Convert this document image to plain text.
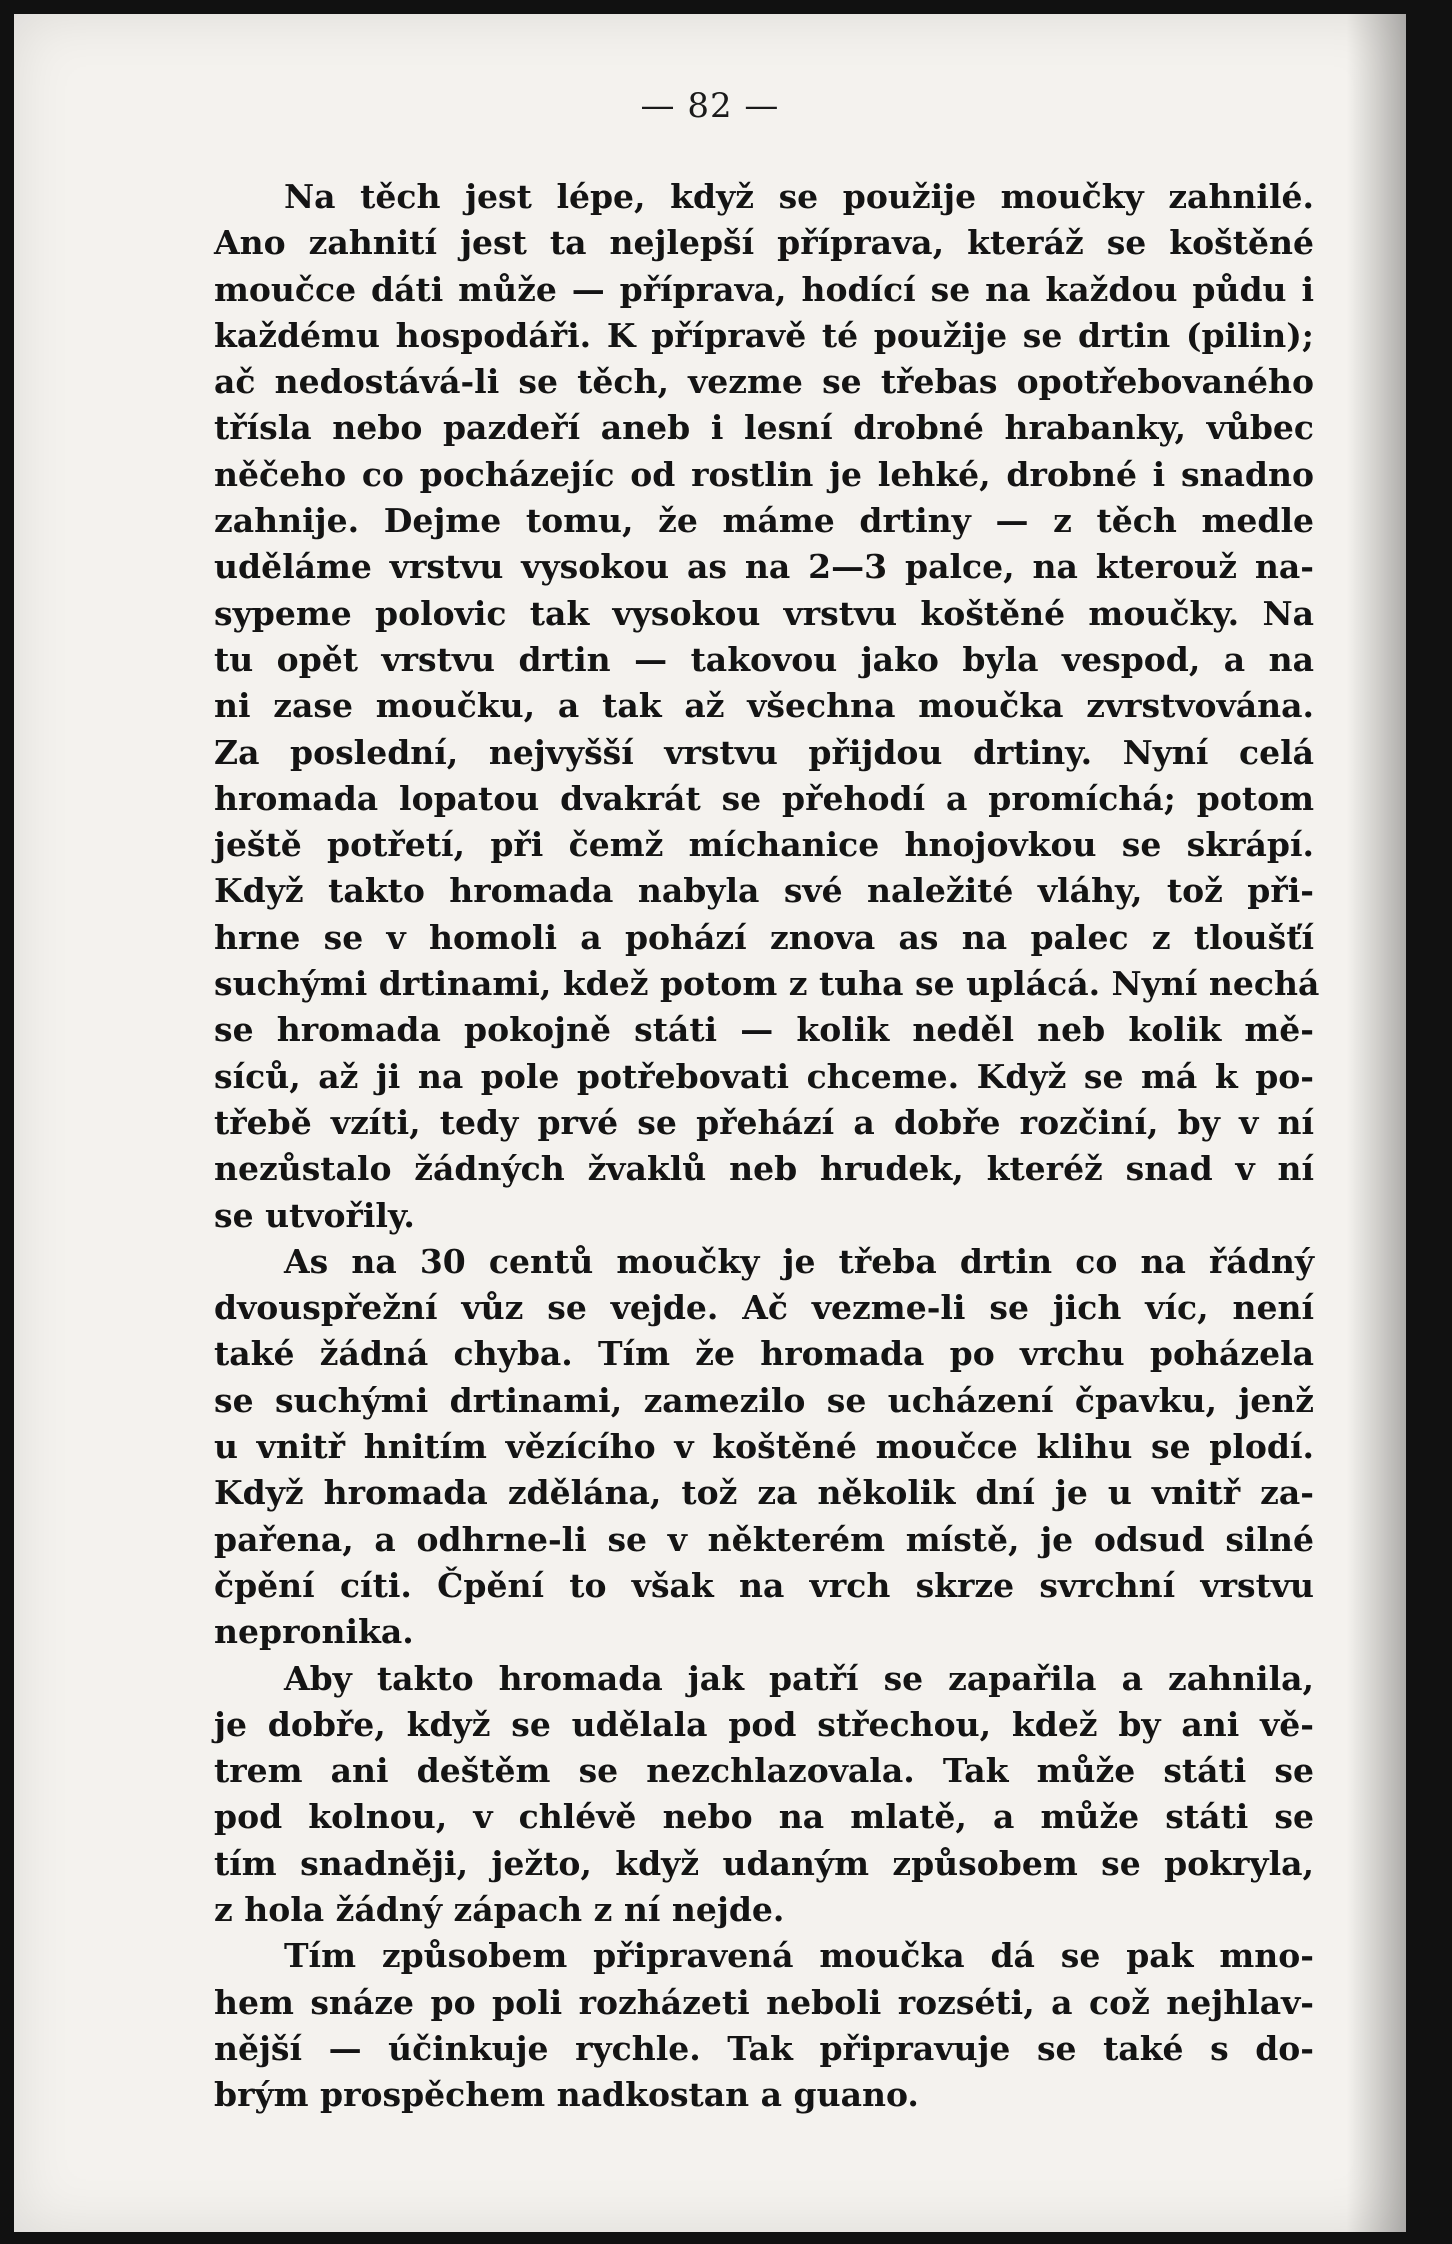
— 82 —
Na těch jest lépe, když se použije moučky zahnilé.
Ano zahnití jest ta nejlepší příprava, kteráž se koštěné
moučce dáti může — příprava, hodící se na každou půdu i
každému hospodáři. K přípravě té použije se drtin (pilin);
ač nedostává-li se těch, vezme se třebas opotřebovaného
třísla nebo pazdeří aneb i lesní drobné hrabanky, vůbec
něčeho co pocházejíc od rostlin je lehké, drobné i snadno
zahnije. Dejme tomu, že máme drtiny — z těch medle
uděláme vrstvu vysokou as na 2—3 palce, na kterouž na-
sypeme polovic tak vysokou vrstvu koštěné moučky. Na
tu opět vrstvu drtin — takovou jako byla vespod, a na
ni zase moučku, a tak až všechna moučka zvrstvována.
Za poslední, nejvyšší vrstvu přijdou drtiny. Nyní celá
hromada lopatou dvakrát se přehodí a promíchá; potom
ještě potřetí, při čemž míchanice hnojovkou se skrápí.
Když takto hromada nabyla své naležité vláhy, tož při-
hrne se v homoli a pohází znova as na palec z tloušťí
suchými drtinami, kdež potom z tuha se uplácá. Nyní nechá
se hromada pokojně státi — kolik neděl neb kolik mě-
síců, až ji na pole potřebovati chceme. Když se má k po-
třebě vzíti, tedy prvé se přehází a dobře rozčiní, by v ní
nezůstalo žádných žvaklů neb hrudek, kteréž snad v ní
se utvořily.
As na 30 centů moučky je třeba drtin co na řádný
dvouspřežní vůz se vejde. Ač vezme-li se jich víc, není
také žádná chyba. Tím že hromada po vrchu poházela
se suchými drtinami, zamezilo se ucházení čpavku, jenž
u vnitř hnitím vězícího v koštěné moučce klihu se plodí.
Když hromada zdělána, tož za několik dní je u vnitř za-
pařena, a odhrne-li se v některém místě, je odsud silné
čpění cíti. Čpění to však na vrch skrze svrchní vrstvu
nepronika.
Aby takto hromada jak patří se zapařila a zahnila,
je dobře, když se udělala pod střechou, kdež by ani vě-
trem ani deštěm se nezchlazovala. Tak může státi se
pod kolnou, v chlévě nebo na mlatě, a může státi se
tím snadněji, ježto, když udaným způsobem se pokryla,
z hola žádný zápach z ní nejde.
Tím způsobem připravená moučka dá se pak mno-
hem snáze po poli rozházeti neboli rozséti, a což nejhlav-
nější — účinkuje rychle. Tak připravuje se také s do-
brým prospěchem nadkostan a guano.
